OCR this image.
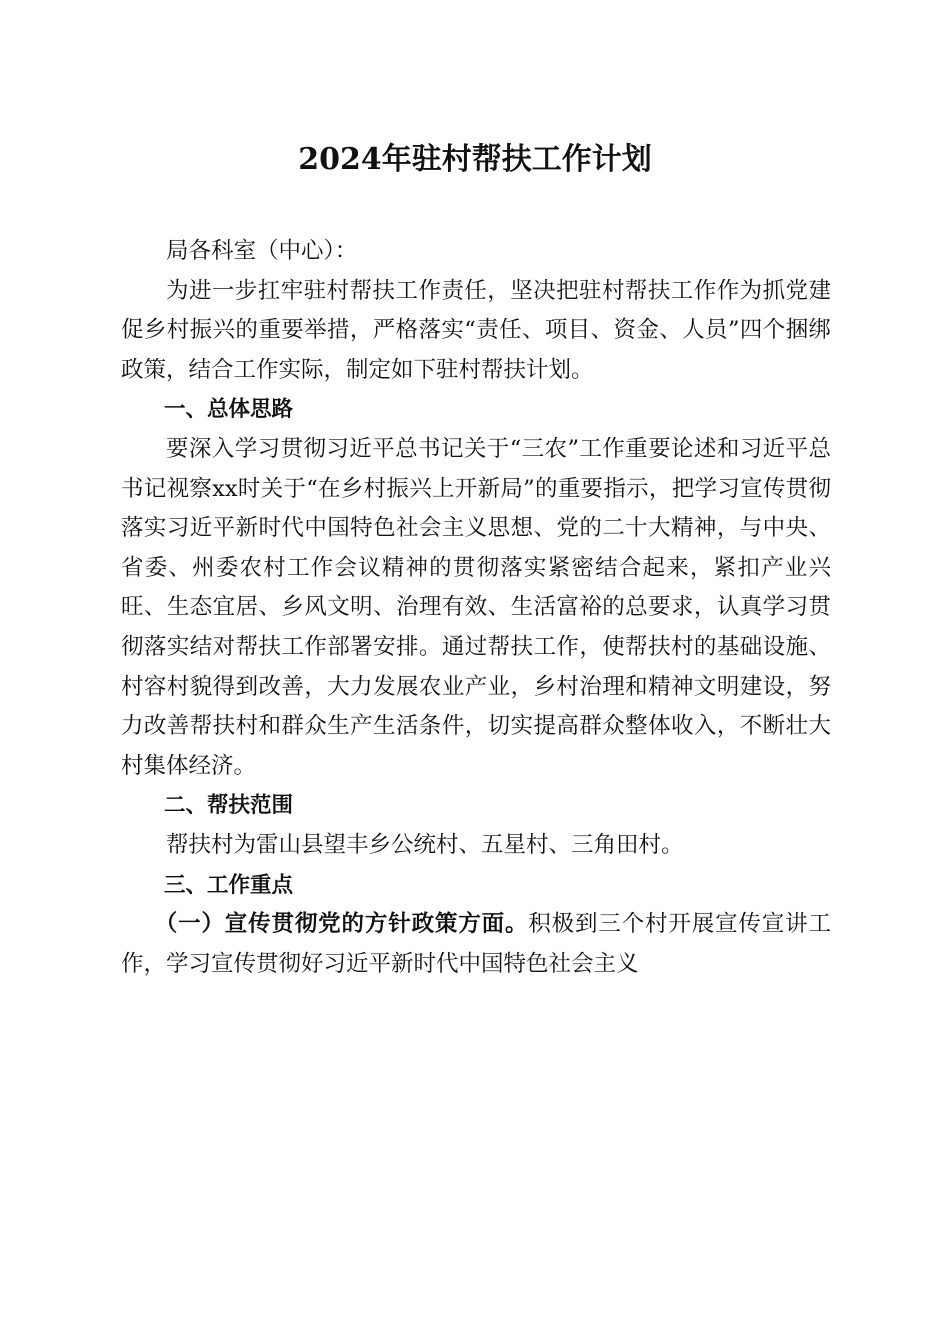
2024年驻村帮扶工作计划

局各科室（中心）：

为进一步扛牢驻村帮扶工作责任，坚决把驻村帮扶工作作为抓党建促乡村振兴的重要举措，严格落实“责任、项目、资金、人员”四个捆绑政策，结合工作实际，制定如下驻村帮扶计划。

一、总体思路

要深入学习贯彻习近平总书记关于“三农”工作重要论述和习近平总书记视察xx时关于“在乡村振兴上开新局”的重要指示，把学习宣传贯彻落实习近平新时代中国特色社会主义思想、党的二十大精神，与中央、省委、州委农村工作会议精神的贯彻落实紧密结合起来，紧扣产业兴旺、生态宜居、乡风文明、治理有效、生活富裕的总要求，认真学习贯彻落实结对帮扶工作部署安排。通过帮扶工作，使帮扶村的基础设施、村容村貌得到改善，大力发展农业产业，乡村治理和精神文明建设，努力改善帮扶村和群众生产生活条件，切实提高群众整体收入，不断壮大村集体经济。

二、帮扶范围

帮扶村为雷山县望丰乡公统村、五星村、三角田村。

三、工作重点

（一）宣传贯彻党的方针政策方面。积极到三个村开展宣传宣讲工作，学习宣传贯彻好习近平新时代中国特色社会主义
